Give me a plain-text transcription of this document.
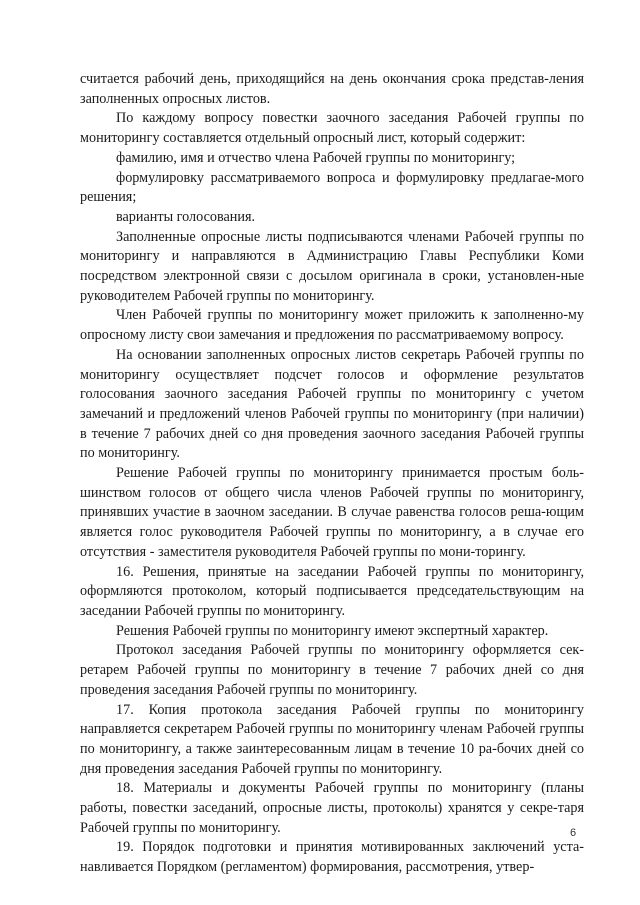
считается рабочий день, приходящийся на день окончания срока представ-ления заполненных опросных листов.

По каждому вопросу повестки заочного заседания Рабочей группы по мониторингу составляется отдельный опросный лист, который содержит:

фамилию, имя и отчество члена Рабочей группы по мониторингу;

формулировку рассматриваемого вопроса и формулировку предлагае-мого решения;

варианты голосования.

Заполненные опросные листы подписываются членами Рабочей группы по мониторингу и направляются в Администрацию Главы Республики Коми посредством электронной связи с досылом оригинала в сроки, установлен-ные руководителем Рабочей группы по мониторингу.

Член Рабочей группы по мониторингу может приложить к заполненно-му опросному листу свои замечания и предложения по рассматриваемому вопросу.

На основании заполненных опросных листов секретарь Рабочей группы по мониторингу осуществляет подсчет голосов и оформление результатов голосования заочного заседания Рабочей группы по мониторингу с учетом замечаний и предложений членов Рабочей группы по мониторингу (при наличии) в течение 7 рабочих дней со дня проведения заочного заседания Рабочей группы по мониторингу.

Решение Рабочей группы по мониторингу принимается простым боль-шинством голосов от общего числа членов Рабочей группы по мониторингу, принявших участие в заочном заседании. В случае равенства голосов реша-ющим является голос руководителя Рабочей группы по мониторингу, а в случае его отсутствия - заместителя руководителя Рабочей группы по мони-торингу.

16. Решения, принятые на заседании Рабочей группы по мониторингу, оформляются протоколом, который подписывается председательствующим на заседании Рабочей группы по мониторингу.

Решения Рабочей группы по мониторингу имеют экспертный характер.

Протокол заседания Рабочей группы по мониторингу оформляется сек-ретарем Рабочей группы по мониторингу в течение 7 рабочих дней со дня проведения заседания Рабочей группы по мониторингу.

17. Копия протокола заседания Рабочей группы по мониторингу направляется секретарем Рабочей группы по мониторингу членам Рабочей группы по мониторингу, а также заинтересованным лицам в течение 10 ра-бочих дней со дня проведения заседания Рабочей группы по мониторингу.

18. Материалы и документы Рабочей группы по мониторингу (планы работы, повестки заседаний, опросные листы, протоколы) хранятся у секре-таря Рабочей группы по мониторингу.

19. Порядок подготовки и принятия мотивированных заключений уста-навливается Порядком (регламентом) формирования, рассмотрения, утвер-

6
